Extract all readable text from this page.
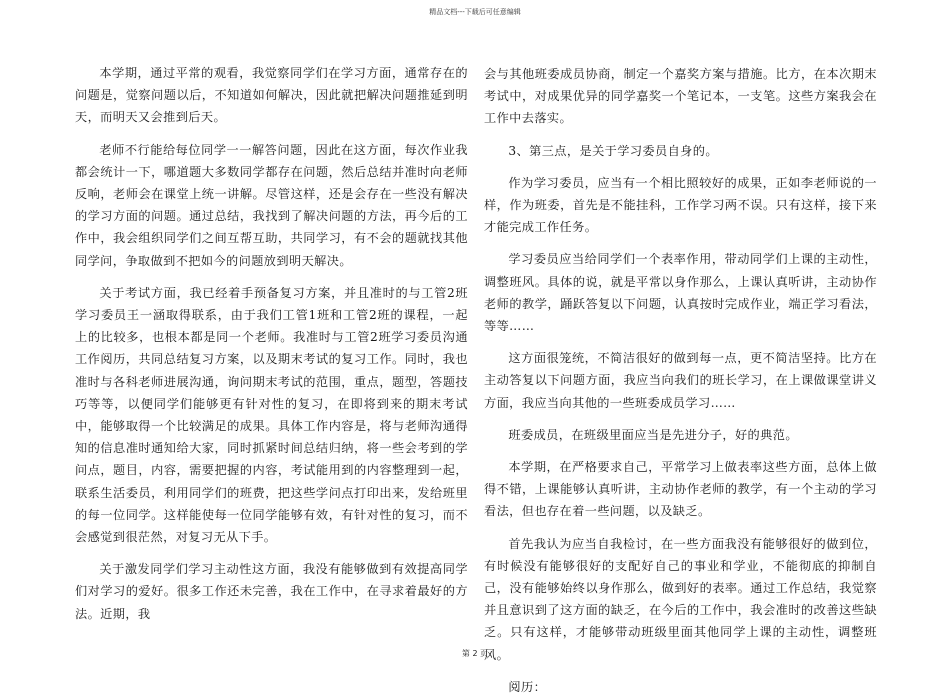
精品文档---下载后可任意编辑

本学期，通过平常的观看，我觉察同学们在学习方面，通常存在的问题是，觉察问题以后，不知道如何解决，因此就把解决问题推延到明天，而明天又会推到后天。

老师不行能给每位同学一一解答问题，因此在这方面，每次作业我都会统计一下，哪道题大多数同学都存在问题，然后总结并准时向老师反响，老师会在课堂上统一讲解。尽管这样，还是会存在一些没有解决的学习方面的问题。通过总结，我找到了解决问题的方法，再今后的工作中，我会组织同学们之间互帮互助，共同学习，有不会的题就找其他同学问，争取做到不把如今的问题放到明天解决。

关于考试方面，我已经着手预备复习方案，并且准时的与工管2班学习委员王一涵取得联系，由于我们工管1班和工管2班的课程，一起上的比较多，也根本都是同一个老师。我准时与工管2班学习委员沟通工作阅历，共同总结复习方案，以及期末考试的复习工作。同时，我也准时与各科老师进展沟通，询问期末考试的范围，重点，题型，答题技巧等等，以便同学们能够更有针对性的复习，在即将到来的期末考试中，能够取得一个比较满足的成果。具体工作内容是，将与老师沟通得知的信息准时通知给大家，同时抓紧时间总结归纳，将一些会考到的学问点，题目，内容，需要把握的内容，考试能用到的内容整理到一起，联系生活委员，利用同学们的班费，把这些学问点打印出来，发给班里的每一位同学。这样能使每一位同学能够有效，有针对性的复习，而不会感觉到很茫然，对复习无从下手。

关于激发同学们学习主动性这方面，我没有能够做到有效提高同学们对学习的爱好。很多工作还未完善，我在工作中，在寻求着最好的方法。近期，我

会与其他班委成员协商，制定一个嘉奖方案与措施。比方，在本次期末考试中，对成果优异的同学嘉奖一个笔记本，一支笔。这些方案我会在工作中去落实。

3、第三点，是关于学习委员自身的。

作为学习委员，应当有一个相比照较好的成果，正如李老师说的一样，作为班委，首先是不能挂科，工作学习两不误。只有这样，接下来才能完成工作任务。

学习委员应当给同学们一个表率作用，带动同学们上课的主动性，调整班风。具体的说，就是平常以身作那么，上课认真听讲，主动协作老师的教学，踊跃答复以下问题，认真按时完成作业，端正学习看法，等等……

这方面很笼统，不简洁很好的做到每一点，更不简洁坚持。比方在主动答复以下问题方面，我应当向我们的班长学习，在上课做课堂讲义方面，我应当向其他的一些班委成员学习……

班委成员，在班级里面应当是先进分子，好的典范。

本学期，在严格要求自己，平常学习上做表率这些方面，总体上做得不错，上课能够认真听讲，主动协作老师的教学，有一个主动的学习看法，但也存在着一些问题，以及缺乏。

首先我认为应当自我检讨，在一些方面我没有能够很好的做到位，有时候没有能够很好的支配好自己的事业和学业，不能彻底的抑制自己，没有能够始终以身作那么，做到好的表率。通过工作总结，我觉察并且意识到了这方面的缺乏，在今后的工作中，我会准时的改善这些缺乏。只有这样，才能够带动班级里面其他同学上课的主动性，调整班风。

阅历：

第 2 页
